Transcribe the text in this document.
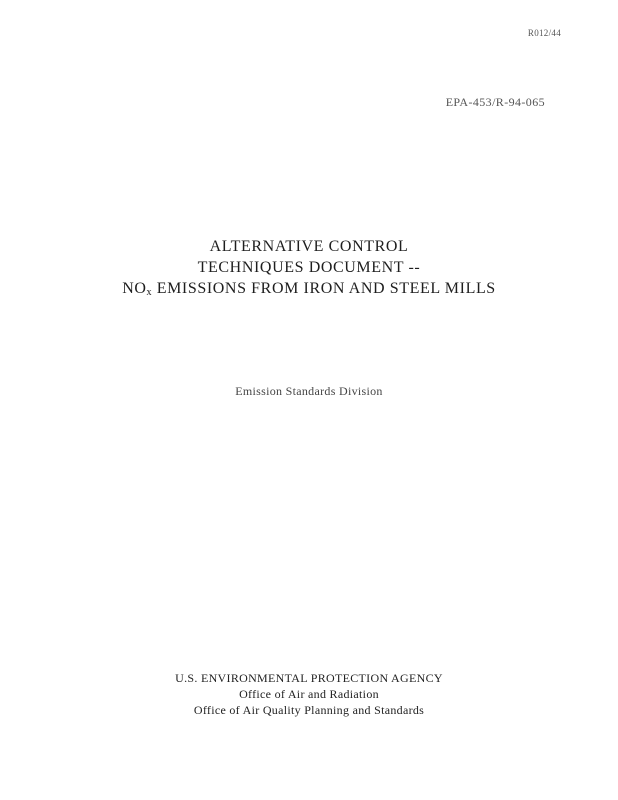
R012/44
EPA-453/R-94-065
ALTERNATIVE CONTROL
TECHNIQUES DOCUMENT --
$NO_x$ EMISSIONS FROM IRON AND STEEL MILLS
Emission Standards Division
U.S. ENVIRONMENTAL PROTECTION AGENCY
Office of Air and Radiation
Office of Air Quality Planning and Standards
